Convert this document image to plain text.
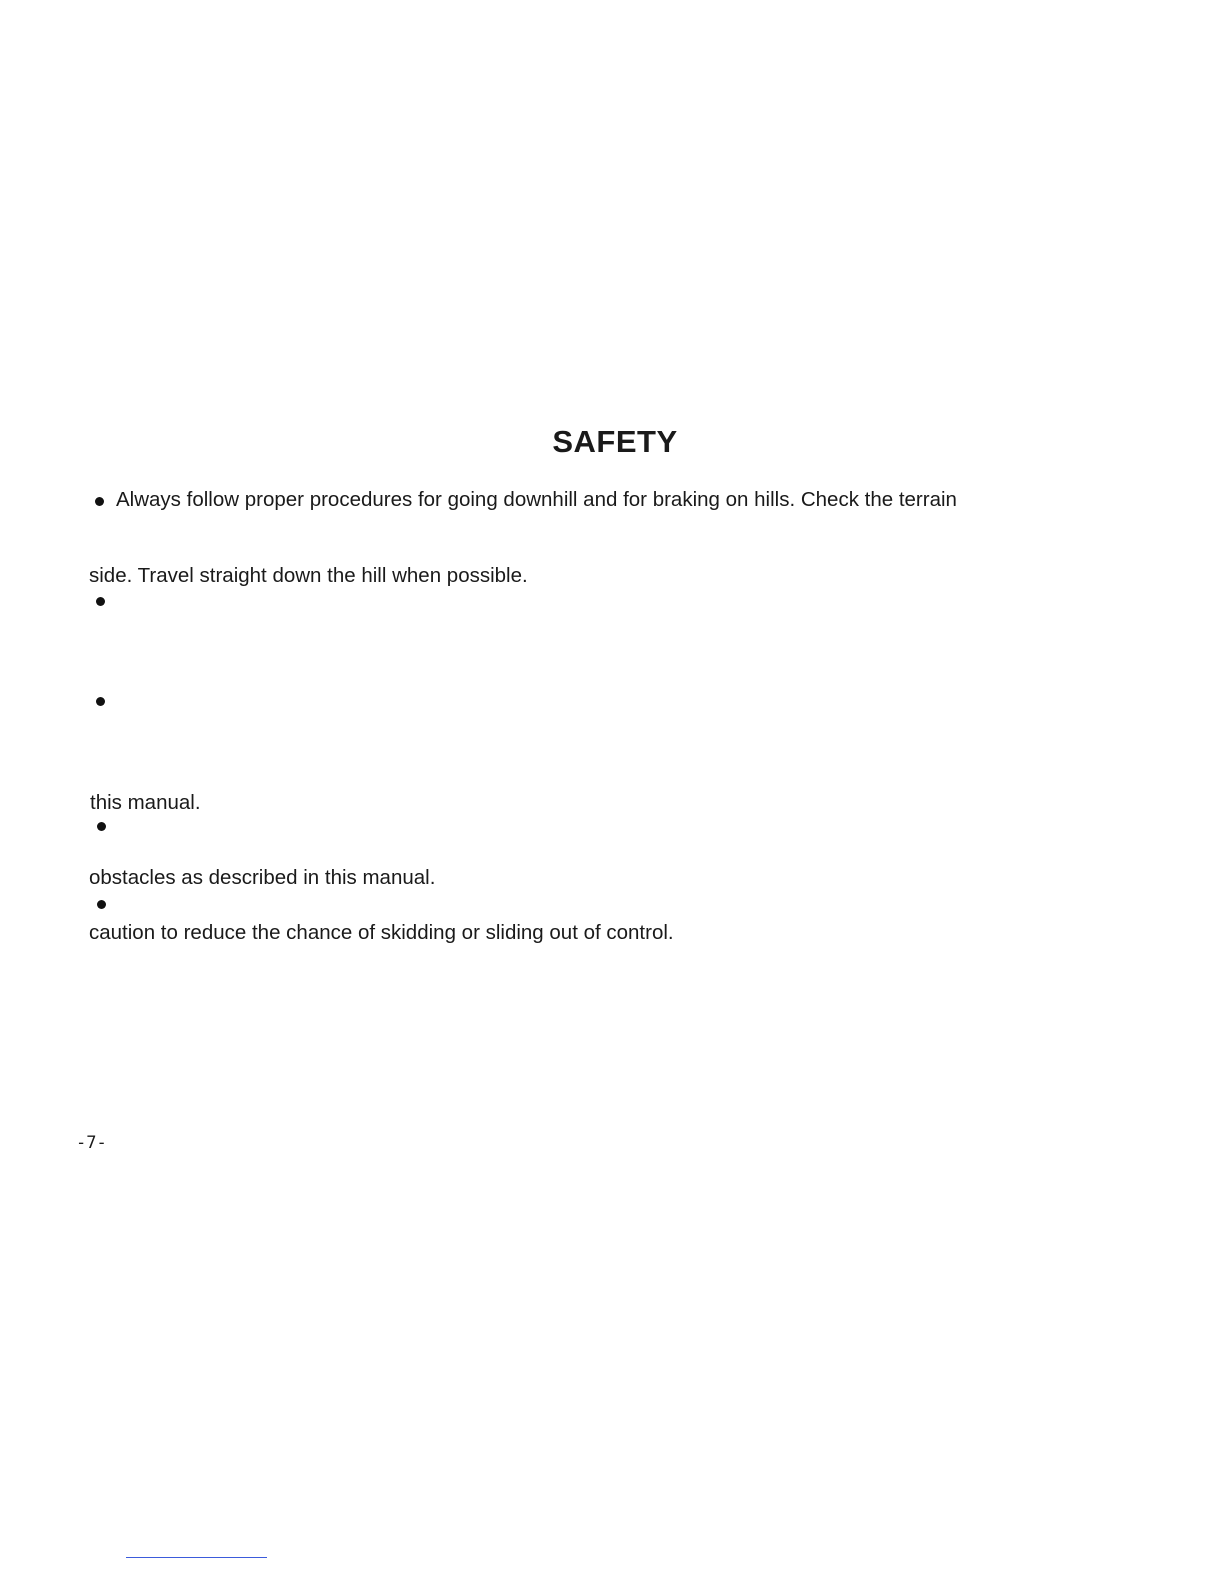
SAFETY
Always follow proper procedures for going downhill and for braking on hills. Check the terrain
side. Travel straight down the hill when possible.
this manual.
obstacles as described in this manual.
caution to reduce the chance of skidding or sliding out of control.
-7-
